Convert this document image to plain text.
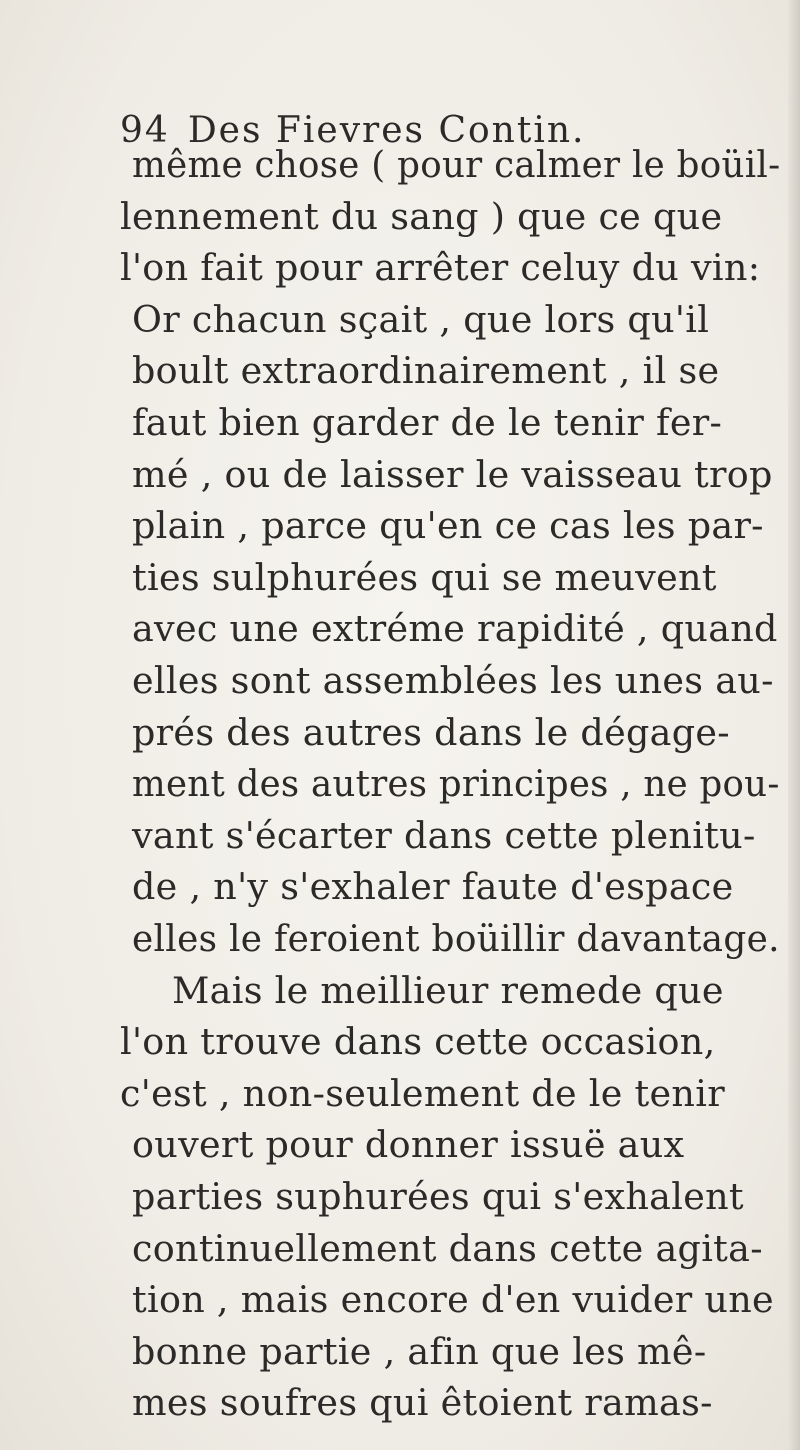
94 Des Fievres Contin.
même chose ( pour calmer le boüil-
lennement du sang ) que ce que
l'on fait pour arrêter celuy du vin:
Or chacun sçait , que lors qu'il
boult extraordinairement , il se
faut bien garder de le tenir fer-
mé , ou de laisser le vaisseau trop
plain , parce qu'en ce cas les par-
ties sulphurées qui se meuvent
avec une extréme rapidité , quand
elles sont assemblées les unes au-
prés des autres dans le dégage-
ment des autres principes , ne pou-
vant s'écarter dans cette plenitu-
de , n'y s'exhaler faute d'espace
elles le feroient boüillir davantage.
Mais le meillieur remede que
l'on trouve dans cette occasion,
c'est , non-seulement de le tenir
ouvert pour donner issuë aux
parties suphurées qui s'exhalent
continuellement dans cette agita-
tion , mais encore d'en vuider une
bonne partie , afin que les mê-
mes soufres qui êtoient ramas-
